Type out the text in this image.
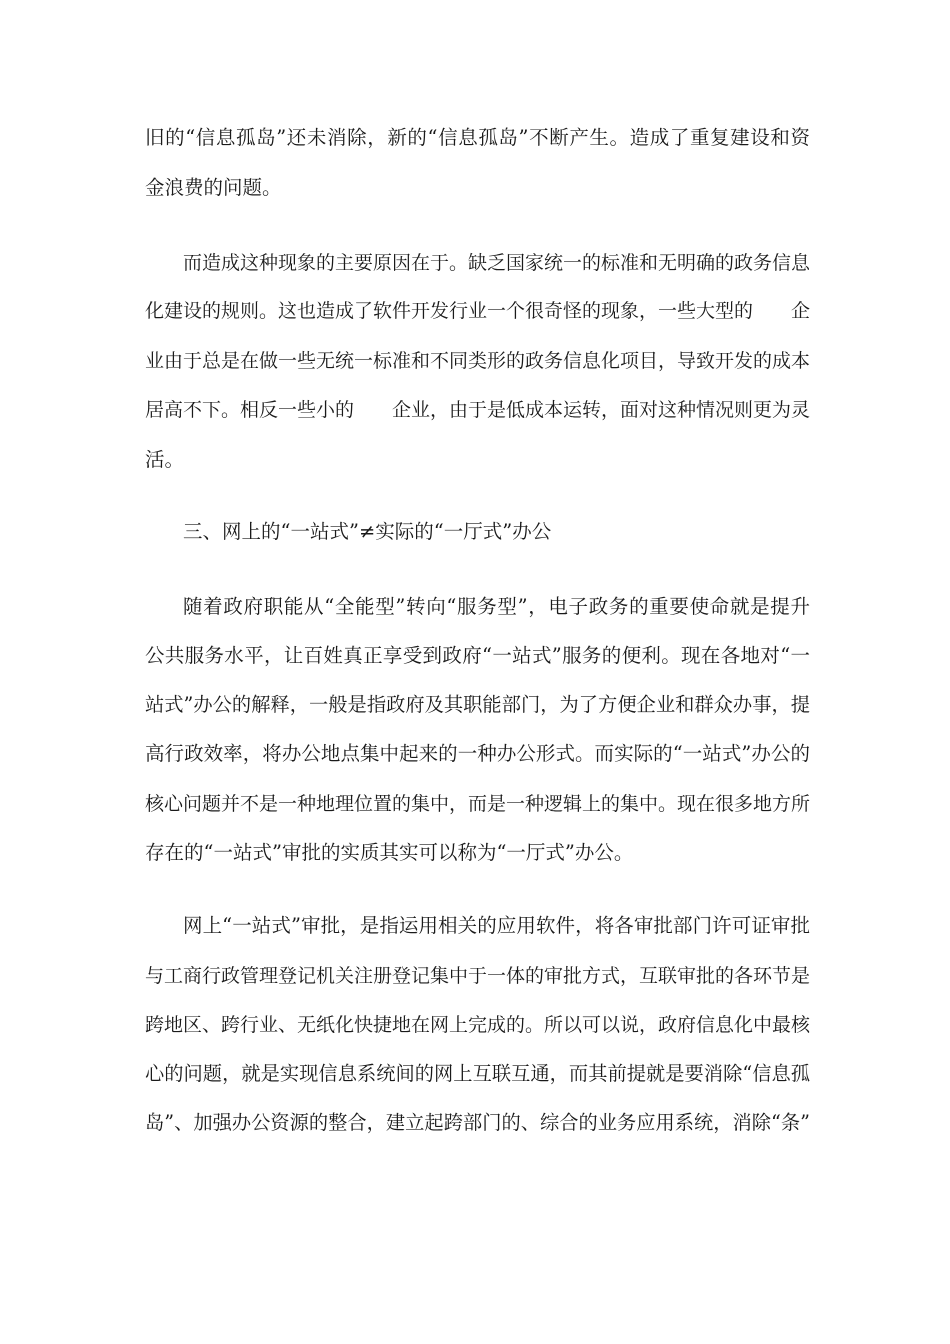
旧的“信息孤岛”还未消除，新的“信息孤岛”不断产生。造成了重复建设和资
金浪费的问题。
而造成这种现象的主要原因在于。缺乏国家统一的标准和无明确的政务信息
化建设的规则。这也造成了软件开发行业一个很奇怪的现象，一些大型的　　企
业由于总是在做一些无统一标准和不同类形的政务信息化项目，导致开发的成本
居高不下。相反一些小的　　企业，由于是低成本运转，面对这种情况则更为灵
活。
三、网上的“一站式”≠实际的“一厅式”办公
随着政府职能从“全能型”转向“服务型”，电子政务的重要使命就是提升
公共服务水平，让百姓真正享受到政府“一站式”服务的便利。现在各地对“一
站式”办公的解释，一般是指政府及其职能部门，为了方便企业和群众办事，提
高行政效率，将办公地点集中起来的一种办公形式。而实际的“一站式”办公的
核心问题并不是一种地理位置的集中，而是一种逻辑上的集中。现在很多地方所
存在的“一站式”审批的实质其实可以称为“一厅式”办公。
网上“一站式”审批，是指运用相关的应用软件，将各审批部门许可证审批
与工商行政管理登记机关注册登记集中于一体的审批方式，互联审批的各环节是
跨地区、跨行业、无纸化快捷地在网上完成的。所以可以说，政府信息化中最核
心的问题，就是实现信息系统间的网上互联互通，而其前提就是要消除“信息孤
岛”、加强办公资源的整合，建立起跨部门的、综合的业务应用系统，消除“条”
